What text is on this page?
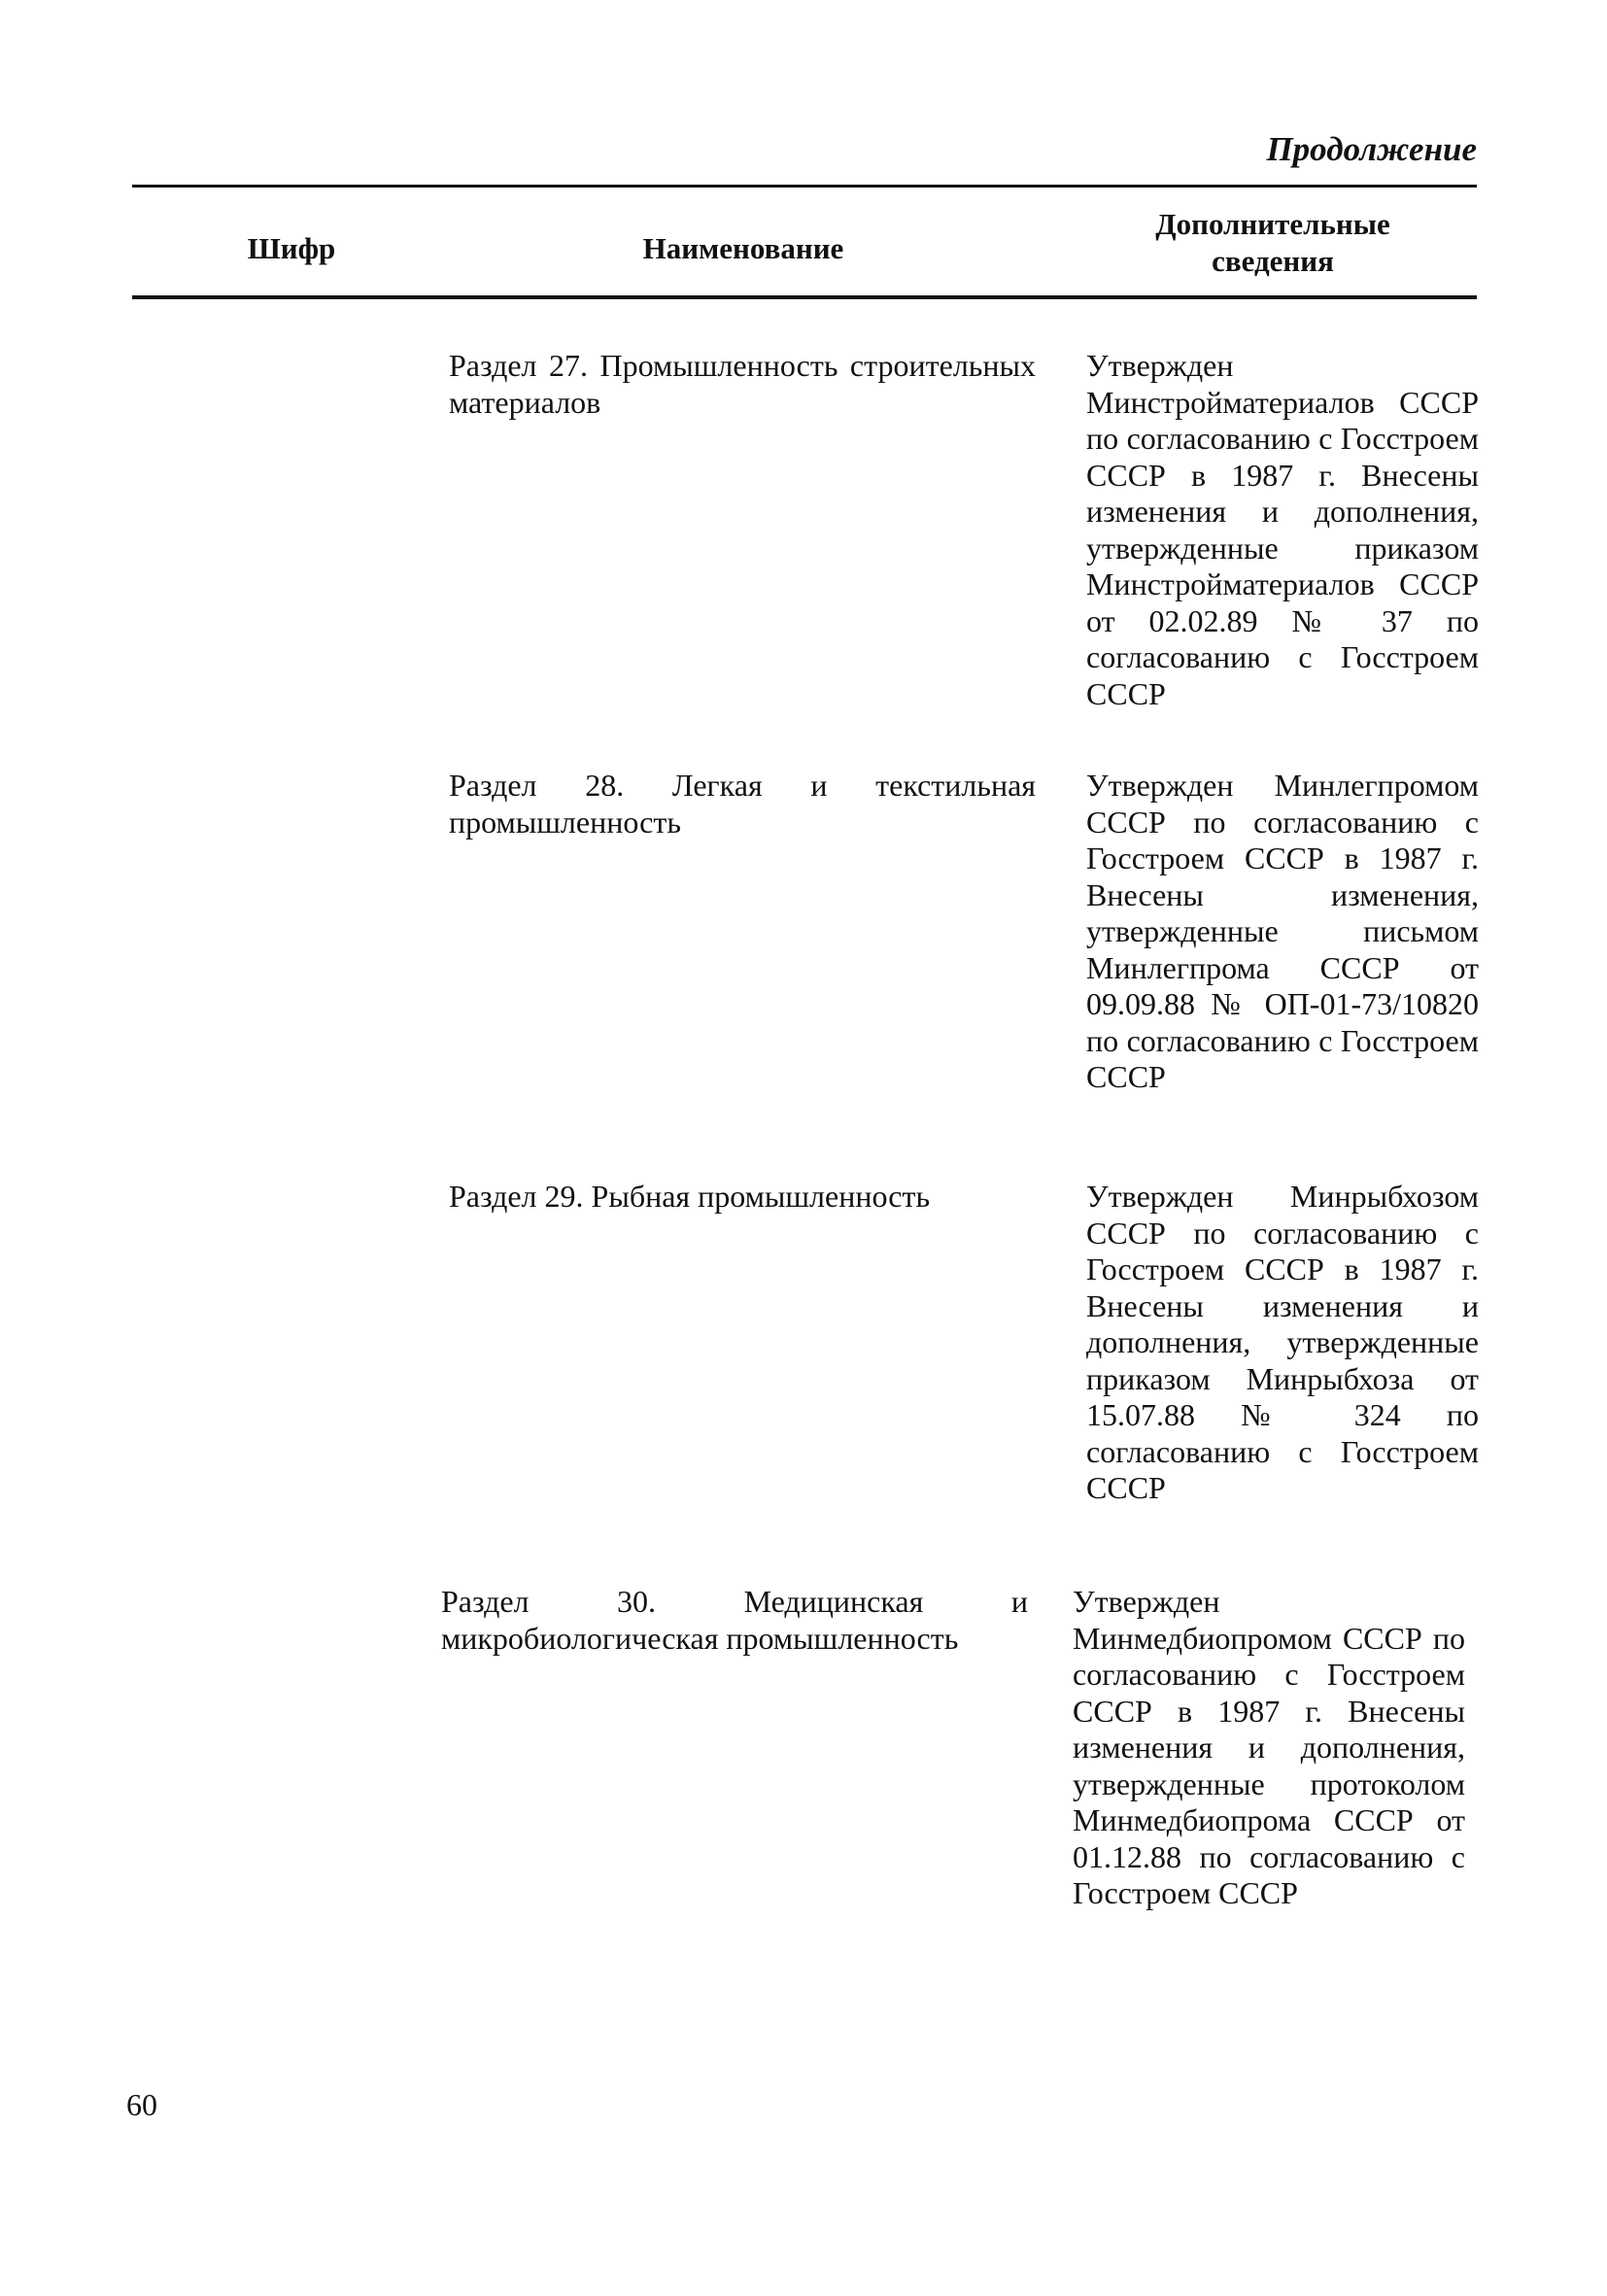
Продолжение
Шифр	Наименование
Дополнительные сведения
Раздел 27. Промышленность строительных материалов
Утвержден Минстройматериалов СССР по согласованию с Госстроем СССР в 1987 г. Внесены изменения и дополнения, утвержденные приказом Минстройматериалов СССР от 02.02.89 № 37 по согласованию с Госстроем СССР
Раздел 28. Легкая и текстильная промышленность
Утвержден Минлегпромом СССР по согласованию с Госстроем СССР в 1987 г. Внесены изменения, утвержденные письмом Минлегпрома СССР от 09.09.88 № ОП-01-73/10820 по согласованию с Госстроем СССР
Раздел 29. Рыбная промышленность	Утвержден Минрыбхозом СССР по согласованию с Госстроем СССР в 1987 г. Внесены изменения и дополнения, утвержденные приказом Минрыбхоза от 15.07.88 № 324 по согласованию с Госстроем СССР
Раздел 30. Медицинская и микробиологическая промышленность
Утвержден Минмедбиопромом СССР по согласованию с Госстроем СССР в 1987 г. Внесены изменения и дополнения, утвержденные протоколом Минмедбиопрома СССР от 01.12.88 по согласованию с Госстроем СССР
60
